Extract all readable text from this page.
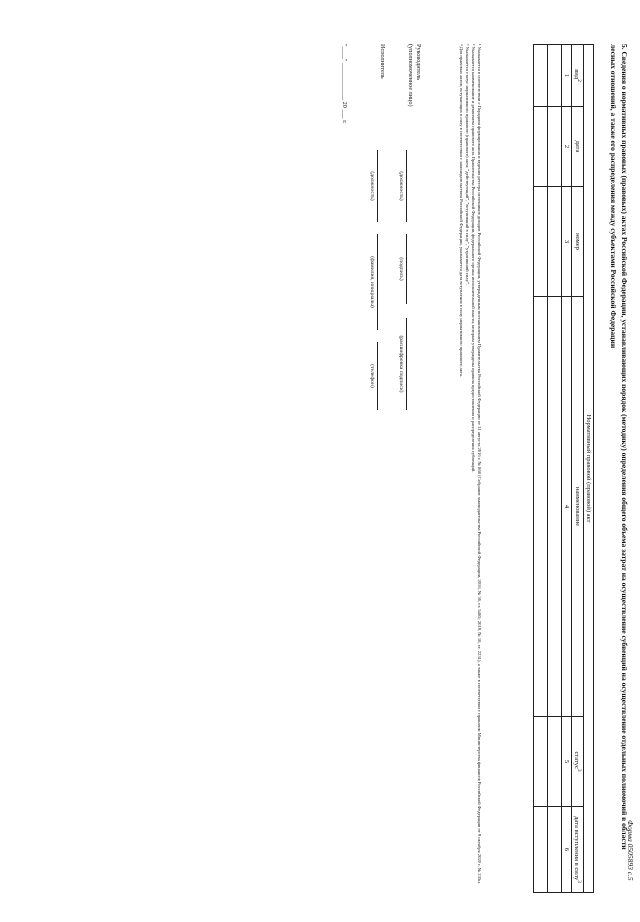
Форма 0505893 с.5
5. Сведения о нормативных правовых (правовых) актах Российской Федерации, устанавливающих порядок (методику) определения общего объема затрат на осуществление субвенций на осуществление отдельных полномочий в области лесных отношений, а также его распределения между субъектами Российской Федерации
Нормативный правовой (правовой) акт					
вид$^2$	дата	номер	наименование	статус$^3$	дата вступления в силу$^3$
1	2	3	4	5	6

¹ Указывается в соответствии с Порядком формирования и ведения реестра источников доходов Российской Федерации, утвержденным постановлением Правительства Российской Федерации от 31 августа 2016 г. № 868 (Собрание законодательства Российской Федерации, 2016, № 36, ст. 5465; 2019, № 18, ст. 2231), а также в соответствии с приказом Министерства финансов Российской Федерации от 9 октября 2020 г. № 235н.

² Указывается наименование и реквизиты правового акта Правительства Российской Федерации, федерального органа исполнительной власти, которым утверждены правила предоставления и распределения субвенций.

³ Указывается статус нормативного правового (правового) акта: "действующий", "вступивший в силу", "утративший силу".

⁴ Для правовых актов, вступающих в силу в соответствии с законодательством Российской Федерации, указывается дата вступления в силу нормативного правового акта.

Руководитель
(уполномоченное лицо)
(должность)
(подпись)
(расшифровка подписи)
Исполнитель
(должность)
(фамилия, инициалы)
(телефон)
"____" ____________ 20 ___ г.
